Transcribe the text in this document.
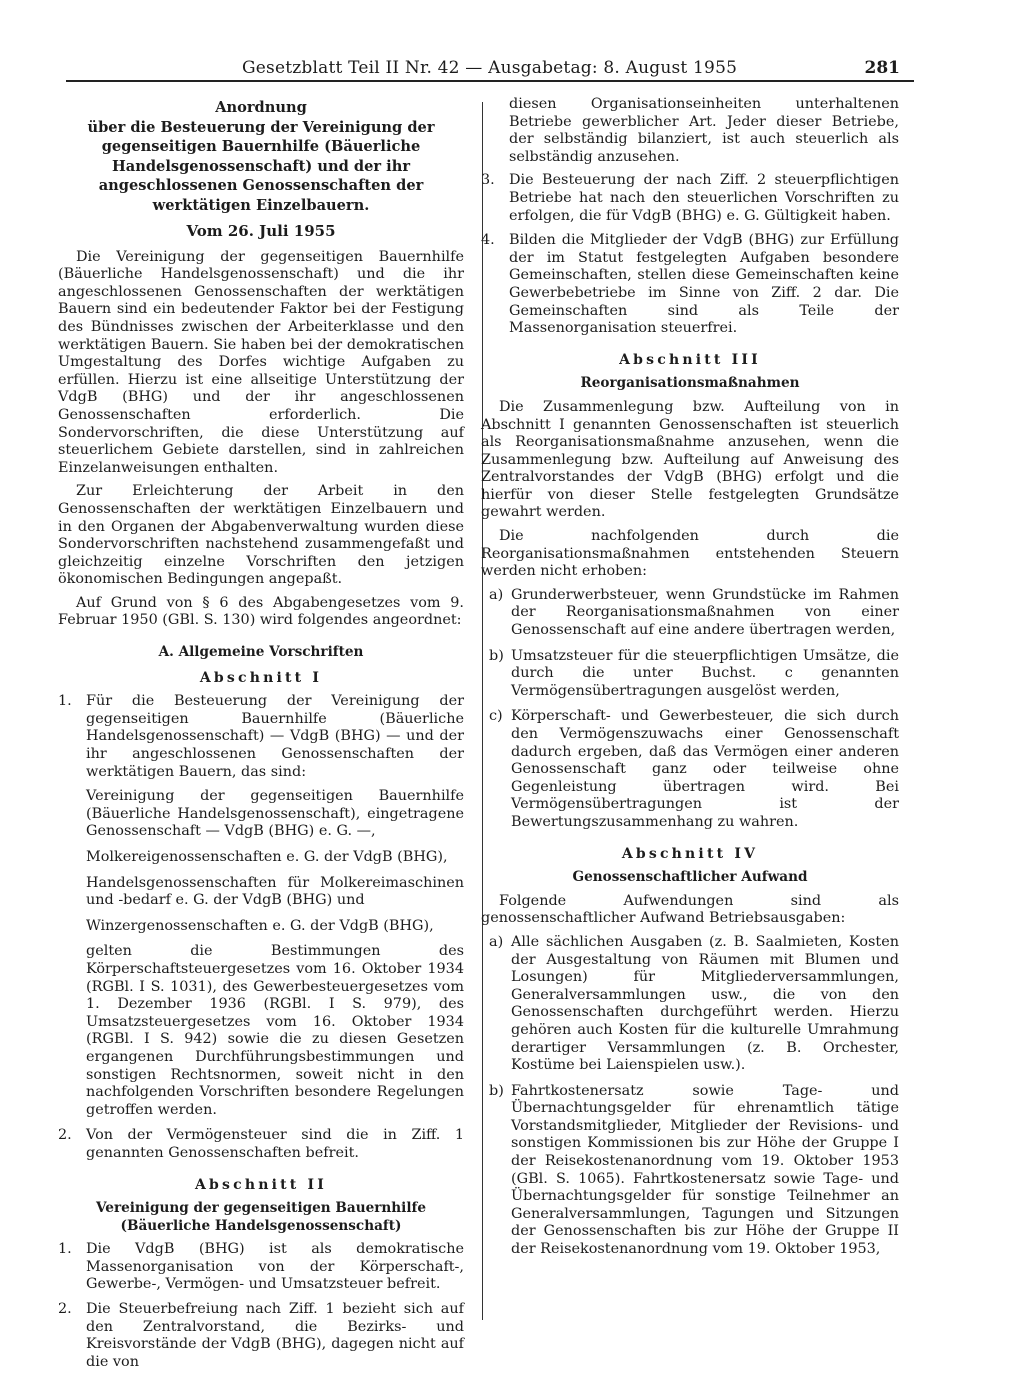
Gesetzblatt Teil II Nr. 42 — Ausgabetag: 8. August 1955	281
Anordnung
über die Besteuerung der Vereinigung der gegenseitigen Bauernhilfe (Bäuerliche Handelsgenossenschaft) und der ihr angeschlossenen Genossenschaften der werktätigen Einzelbauern.
Vom 26. Juli 1955

Die Vereinigung der gegenseitigen Bauernhilfe (Bäuerliche Handelsgenossenschaft) und die ihr angeschlossenen Genossenschaften der werktätigen Bauern sind ein bedeutender Faktor bei der Festigung des Bündnisses zwischen der Arbeiterklasse und den werktätigen Bauern. Sie haben bei der demokratischen Umgestaltung des Dorfes wichtige Aufgaben zu erfüllen. Hierzu ist eine allseitige Unterstützung der VdgB (BHG) und der ihr angeschlossenen Genossenschaften erforderlich. Die Sondervorschriften, die diese Unterstützung auf steuerlichem Gebiete darstellen, sind in zahlreichen Einzelanweisungen enthalten.

Zur Erleichterung der Arbeit in den Genossenschaften der werktätigen Einzelbauern und in den Organen der Abgabenverwaltung wurden diese Sondervorschriften nachstehend zusammengefaßt und gleichzeitig einzelne Vorschriften den jetzigen ökonomischen Bedingungen angepaßt.

Auf Grund von § 6 des Abgabengesetzes vom 9. Februar 1950 (GBl. S. 130) wird folgendes angeordnet:

A. Allgemeine Vorschriften
Abschnitt I
1. Für die Besteuerung der Vereinigung der gegenseitigen Bauernhilfe (Bäuerliche Handelsgenossenschaft) — VdgB (BHG) — und der ihr angeschlossenen Genossenschaften der werktätigen Bauern, das sind:
Vereinigung der gegenseitigen Bauernhilfe (Bäuerliche Handelsgenossenschaft), eingetragene Genossenschaft — VdgB (BHG) e. G. —,
Molkereigenossenschaften e. G. der VdgB (BHG),
Handelsgenossenschaften für Molkereimaschinen und -bedarf e. G. der VdgB (BHG) und
Winzergenossenschaften e. G. der VdgB (BHG),
gelten die Bestimmungen des Körperschaftsteuergesetzes vom 16. Oktober 1934 (RGBl. I S. 1031), des Gewerbesteuergesetzes vom 1. Dezember 1936 (RGBl. I S. 979), des Umsatzsteuergesetzes vom 16. Oktober 1934 (RGBl. I S. 942) sowie die zu diesen Gesetzen ergangenen Durchführungsbestimmungen und sonstigen Rechtsnormen, soweit nicht in den nachfolgenden Vorschriften besondere Regelungen getroffen werden.
2. Von der Vermögensteuer sind die in Ziff. 1 genannten Genossenschaften befreit.
Abschnitt II
Vereinigung der gegenseitigen Bauernhilfe (Bäuerliche Handelsgenossenschaft)
1. Die VdgB (BHG) ist als demokratische Massenorganisation von der Körperschaft-, Gewerbe-, Vermögen- und Umsatzsteuer befreit.
2. Die Steuerbefreiung nach Ziff. 1 bezieht sich auf den Zentralvorstand, die Bezirks- und Kreisvorstände der VdgB (BHG), dagegen nicht auf die von

diesen Organisationseinheiten unterhaltenen Betriebe gewerblicher Art. Jeder dieser Betriebe, der selbständig bilanziert, ist auch steuerlich als selbständig anzusehen.

3. Die Besteuerung der nach Ziff. 2 steuerpflichtigen Betriebe hat nach den steuerlichen Vorschriften zu erfolgen, die für VdgB (BHG) e. G. Gültigkeit haben.
4. Bilden die Mitglieder der VdgB (BHG) zur Erfüllung der im Statut festgelegten Aufgaben besondere Gemeinschaften, stellen diese Gemeinschaften keine Gewerbebetriebe im Sinne von Ziff. 2 dar. Die Gemeinschaften sind als Teile der Massenorganisation steuerfrei.
Abschnitt III
Reorganisationsmaßnahmen

Die Zusammenlegung bzw. Aufteilung von in Abschnitt I genannten Genossenschaften ist steuerlich als Reorganisationsmaßnahme anzusehen, wenn die Zusammenlegung bzw. Aufteilung auf Anweisung des Zentralvorstandes der VdgB (BHG) erfolgt und die hierfür von dieser Stelle festgelegten Grundsätze gewahrt werden.

Die nachfolgenden durch die Reorganisationsmaßnahmen entstehenden Steuern werden nicht erhoben:

a) Grunderwerbsteuer, wenn Grundstücke im Rahmen der Reorganisationsmaßnahmen von einer Genossenschaft auf eine andere übertragen werden,
b) Umsatzsteuer für die steuerpflichtigen Umsätze, die durch die unter Buchst. c genannten Vermögensübertragungen ausgelöst werden,
c) Körperschaft- und Gewerbesteuer, die sich durch den Vermögenszuwachs einer Genossenschaft dadurch ergeben, daß das Vermögen einer anderen Genossenschaft ganz oder teilweise ohne Gegenleistung übertragen wird. Bei Vermögensübertragungen ist der Bewertungszusammenhang zu wahren.
Abschnitt IV
Genossenschaftlicher Aufwand

Folgende Aufwendungen sind als genossenschaftlicher Aufwand Betriebsausgaben:

a) Alle sächlichen Ausgaben (z. B. Saalmieten, Kosten der Ausgestaltung von Räumen mit Blumen und Losungen) für Mitgliederversammlungen, Generalversammlungen usw., die von den Genossenschaften durchgeführt werden. Hierzu gehören auch Kosten für die kulturelle Umrahmung derartiger Versammlungen (z. B. Orchester, Kostüme bei Laienspielen usw.).
b) Fahrtkostenersatz sowie Tage- und Übernachtungsgelder für ehrenamtlich tätige Vorstandsmitglieder, Mitglieder der Revisions- und sonstigen Kommissionen bis zur Höhe der Gruppe I der Reisekostenanordnung vom 19. Oktober 1953 (GBl. S. 1065). Fahrtkostenersatz sowie Tage- und Übernachtungsgelder für sonstige Teilnehmer an Generalversammlungen, Tagungen und Sitzungen der Genossenschaften bis zur Höhe der Gruppe II der Reisekostenanordnung vom 19. Oktober 1953,
